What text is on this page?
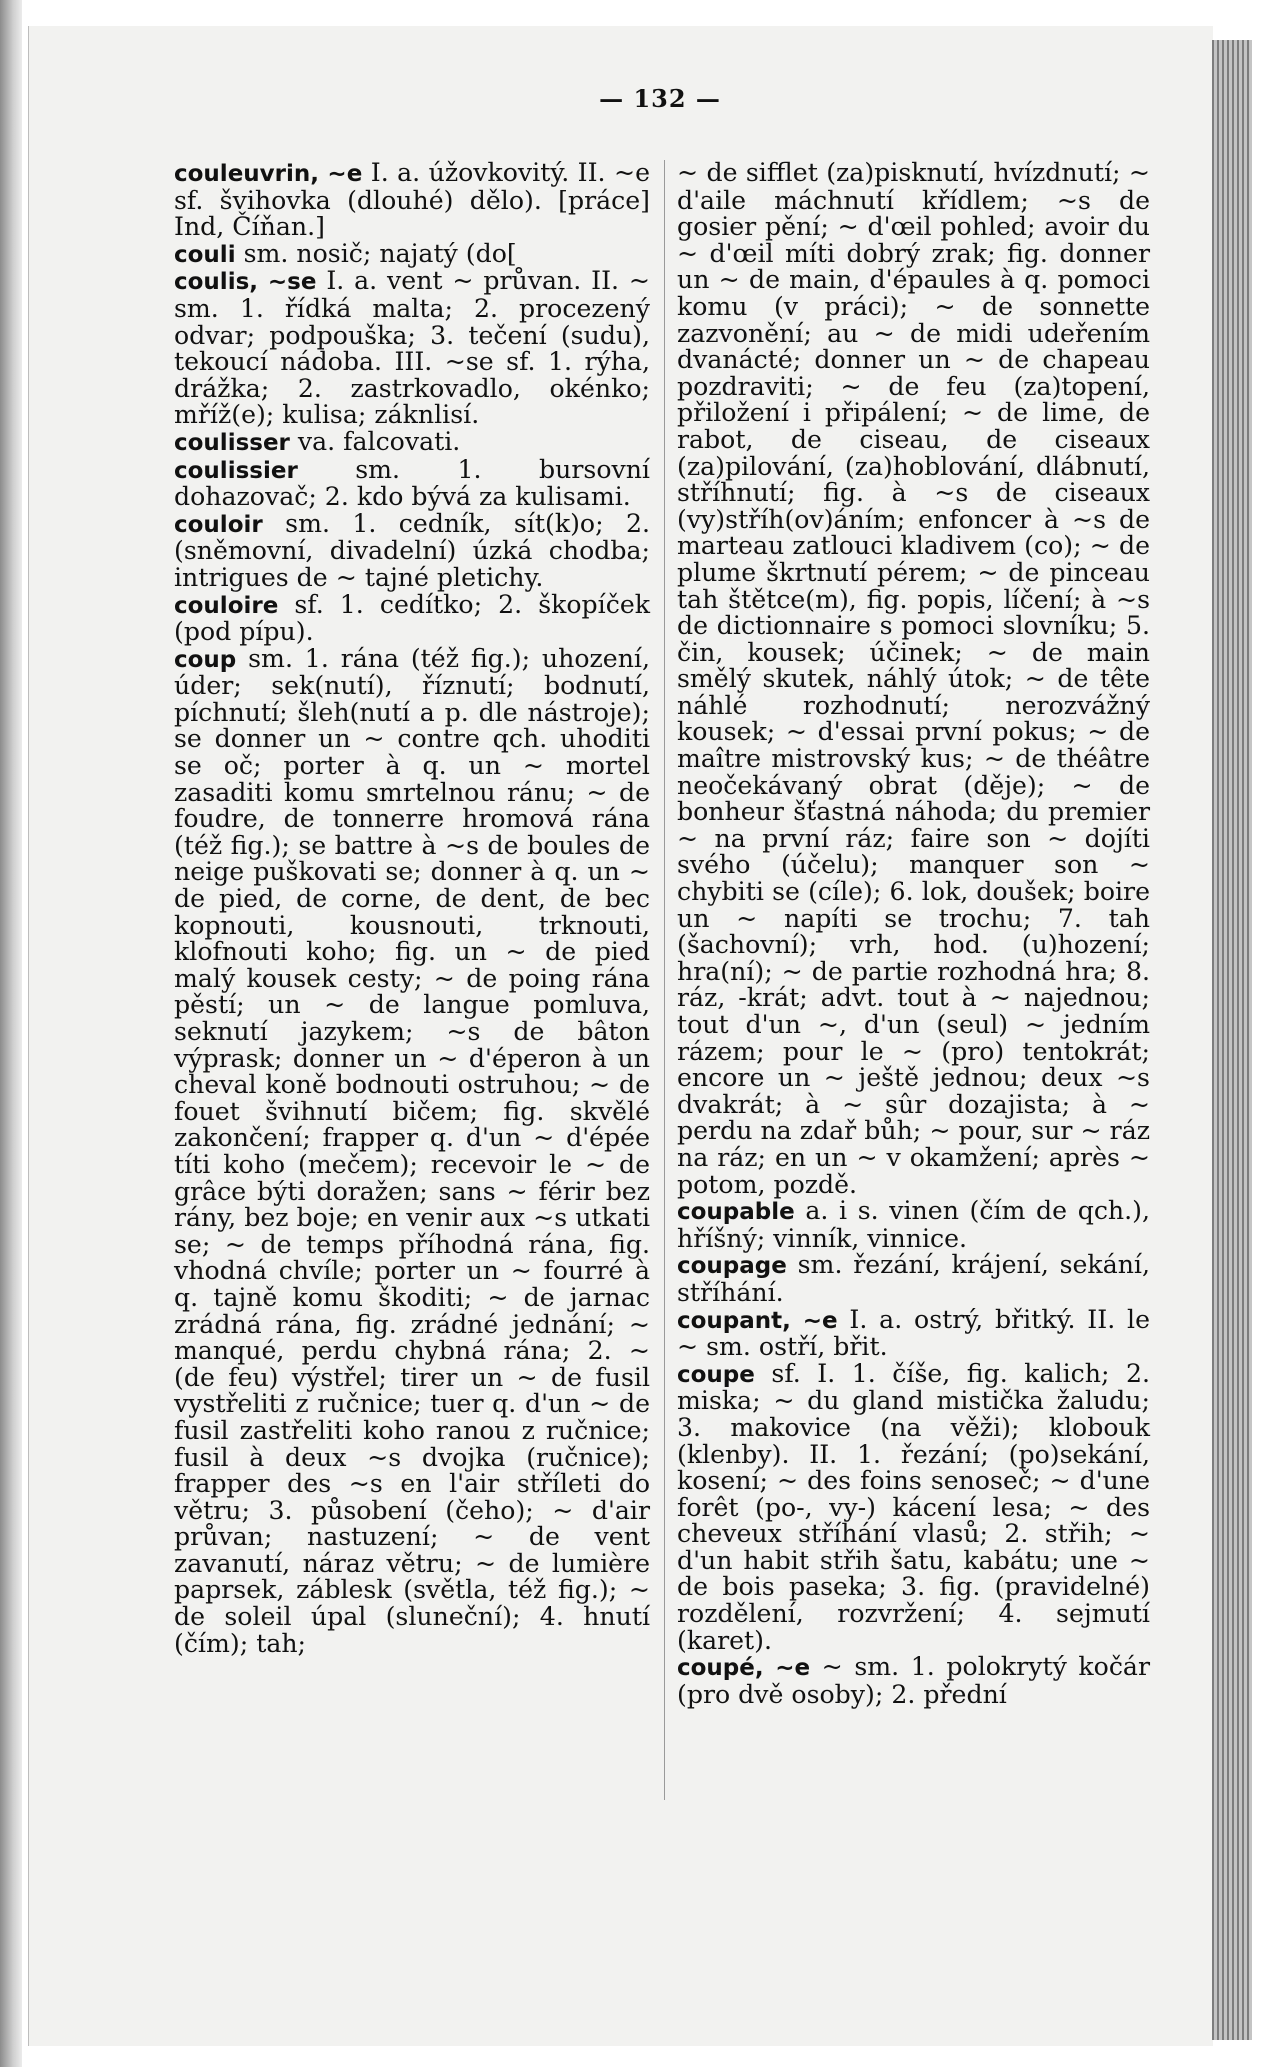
— 132 —

couleuvrin, ~e I. a. úžovkovitý. II. ~e sf. švihovka (dlouhé) dělo). [práce] Ind, Číňan.]

couli sm. nosič; najatý (do[

coulis, ~se I. a. vent ~ průvan. II. ~ sm. 1. řídká malta; 2. procezený odvar; podpouška; 3. tečení (sudu), tekoucí nádoba. III. ~se sf. 1. rýha, drážka; 2. zastrkovadlo, okénko; mříž(e); kulisa; záknlisí.

coulisser va. falcovati.

coulissier sm. 1. bursovní dohazovač; 2. kdo bývá za kulisami.

couloir sm. 1. cedník, sít(k)o; 2. (sněmovní, divadelní) úzká chodba; intrigues de ~ tajné pletichy.

couloire sf. 1. cedítko; 2. škopíček (pod pípu).

coup sm. 1. rána (též fig.); uhození, úder; sek(nutí), říznutí; bodnutí, píchnutí; šleh(nutí a p. dle nástroje); se donner un ~ contre qch. uhoditi se oč; porter à q. un ~ mortel zasaditi komu smrtelnou ránu; ~ de foudre, de tonnerre hromová rána (též fig.); se battre à ~s de boules de neige puškovati se; donner à q. un ~ de pied, de corne, de dent, de bec kopnouti, kousnouti, trknouti, klofnouti koho; fig. un ~ de pied malý kousek cesty; ~ de poing rána pěstí; un ~ de langue pomluva, seknutí jazykem; ~s de bâton výprask; donner un ~ d'éperon à un cheval koně bodnouti ostruhou; ~ de fouet švihnutí bičem; fig. skvělé zakončení; frapper q. d'un ~ d'épée títi koho (mečem); recevoir le ~ de grâce býti doražen; sans ~ férir bez rány, bez boje; en venir aux ~s utkati se; ~ de temps příhodná rána, fig. vhodná chvíle; porter un ~ fourré à q. tajně komu škoditi; ~ de jarnac zrádná rána, fig. zrádné jednání; ~ manqué, perdu chybná rána; 2. ~ (de feu) výstřel; tirer un ~ de fusil vystřeliti z ručnice; tuer q. d'un ~ de fusil zastřeliti koho ranou z ručnice; fusil à deux ~s dvojka (ručnice); frapper des ~s en l'air stříleti do větru; 3. působení (čeho); ~ d'air průvan; nastuzení; ~ de vent zavanutí, náraz větru; ~ de lumière paprsek, záblesk (světla, též fig.); ~ de soleil úpal (sluneční); 4. hnutí (čím); tah;

~ de sifflet (za)pisknutí, hvízdnutí; ~ d'aile máchnutí křídlem; ~s de gosier pění; ~ d'œil pohled; avoir du ~ d'œil míti dobrý zrak; fig. donner un ~ de main, d'épaules à q. pomoci komu (v práci); ~ de sonnette zazvonění; au ~ de midi udeřením dvanácté; donner un ~ de chapeau pozdraviti; ~ de feu (za)topení, přiložení i připálení; ~ de lime, de rabot, de ciseau, de ciseaux (za)pilování, (za)hoblování, dlábnutí, stříhnutí; fig. à ~s de ciseaux (vy)stříh(ov)áním; enfoncer à ~s de marteau zatlouci kladivem (co); ~ de plume škrtnutí pérem; ~ de pinceau tah štětce(m), fig. popis, líčení; à ~s de dictionnaire s pomoci slovníku; 5. čin, kousek; účinek; ~ de main smělý skutek, náhlý útok; ~ de tête náhlé rozhodnutí; nerozvážný kousek; ~ d'essai první pokus; ~ de maître mistrovský kus; ~ de théâtre neočekávaný obrat (děje); ~ de bonheur šťastná náhoda; du premier ~ na první ráz; faire son ~ dojíti svého (účelu); manquer son ~ chybiti se (cíle); 6. lok, doušek; boire un ~ napíti se trochu; 7. tah (šachovní); vrh, hod. (u)hození; hra(ní); ~ de partie rozhodná hra; 8. ráz, -krát; advt. tout à ~ najednou; tout d'un ~, d'un (seul) ~ jedním rázem; pour le ~ (pro) tentokrát; encore un ~ ještě jednou; deux ~s dvakrát; à ~ sûr dozajista; à ~ perdu na zdař bůh; ~ pour, sur ~ ráz na ráz; en un ~ v okamžení; après ~ potom, pozdě.

coupable a. i s. vinen (čím de qch.), hříšný; vinník, vinnice.

coupage sm. řezání, krájení, sekání, stříhání.

coupant, ~e I. a. ostrý, břitký. II. le ~ sm. ostří, břit.

coupe sf. I. 1. číše, fig. kalich; 2. miska; ~ du gland mistička žaludu; 3. makovice (na věži); klobouk (klenby). II. 1. řezání; (po)sekání, kosení; ~ des foins senoseč; ~ d'une forêt (po-, vy-) kácení lesa; ~ des cheveux stříhání vlasů; 2. střih; ~ d'un habit střih šatu, kabátu; une ~ de bois paseka; 3. fig. (pravidelné) rozdělení, rozvržení; 4. sejmutí (karet).

coupé, ~e ~ sm. 1. polokrytý kočár (pro dvě osoby); 2. přední
